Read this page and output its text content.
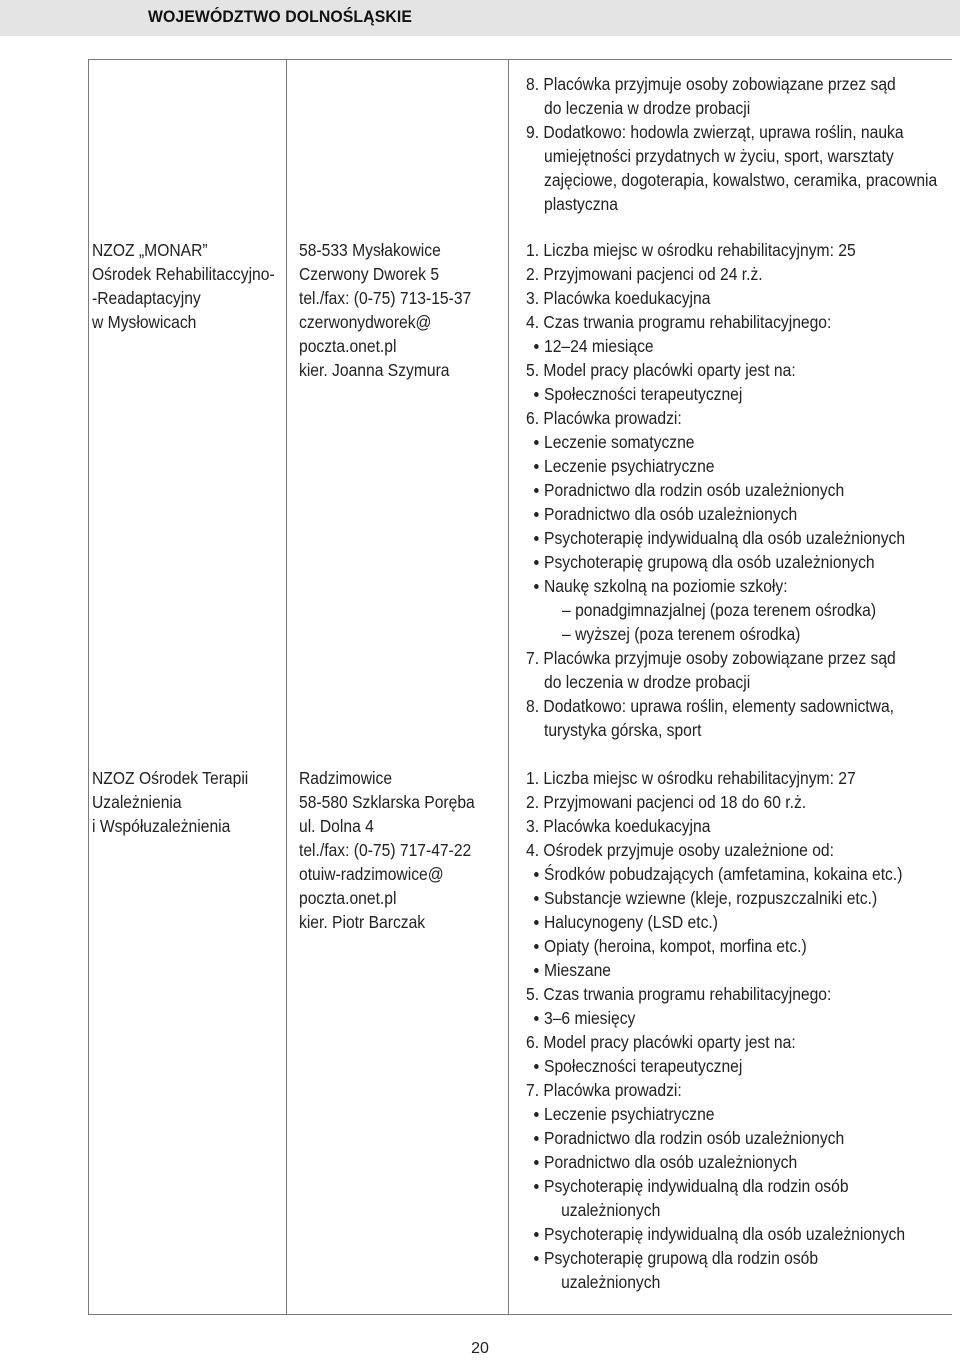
WOJEWÓDZTWO DOLNOŚLĄSKIE
8. Placówka przyjmuje osoby zobowiązane przez sąd
do leczenia w drodze probacji
9. Dodatkowo: hodowla zwierząt, uprawa roślin, nauka
umiejętności przydatnych w życiu, sport, warsztaty
zajęciowe, dogoterapia, kowalstwo, ceramika, pracownia
plastyczna
NZOZ „MONAR”
Ośrodek Rehabilitaccyjno-
-Readaptacyjny
w Mysłowicach
58-533 Mysłakowice
Czerwony Dworek 5
tel./fax: (0-75) 713-15-37
czerwonydworek@
poczta.onet.pl
kier. Joanna Szymura
1. Liczba miejsc w ośrodku rehabilitacyjnym: 25
2. Przyjmowani pacjenci od 24 r.ż.
3. Placówka koedukacyjna
4. Czas trwania programu rehabilitacyjnego:
12–24 miesiące
5. Model pracy placówki oparty jest na:
Społeczności terapeutycznej
6. Placówka prowadzi:
Leczenie somatyczne
Leczenie psychiatryczne
Poradnictwo dla rodzin osób uzależnionych
Poradnictwo dla osób uzależnionych
Psychoterapię indywidualną dla osób uzależnionych
Psychoterapię grupową dla osób uzależnionych
Naukę szkolną na poziomie szkoły:
– ponadgimnazjalnej (poza terenem ośrodka)
– wyższej (poza terenem ośrodka)
7. Placówka przyjmuje osoby zobowiązane przez sąd
do leczenia w drodze probacji
8. Dodatkowo: uprawa roślin, elementy sadownictwa,
turystyka górska, sport
NZOZ Ośrodek Terapii
Uzależnienia
i Współuzależnienia
Radzimowice
58-580 Szklarska Poręba
ul. Dolna 4
tel./fax: (0-75) 717-47-22
otuiw-radzimowice@
poczta.onet.pl
kier. Piotr Barczak
1. Liczba miejsc w ośrodku rehabilitacyjnym: 27
2. Przyjmowani pacjenci od 18 do 60 r.ż.
3. Placówka koedukacyjna
4. Ośrodek przyjmuje osoby uzależnione od:
Środków pobudzających (amfetamina, kokaina etc.)
Substancje wziewne (kleje, rozpuszczalniki etc.)
Halucynogeny (LSD etc.)
Opiaty (heroina, kompot, morfina etc.)
Mieszane
5. Czas trwania programu rehabilitacyjnego:
3–6 miesięcy
6. Model pracy placówki oparty jest na:
Społeczności terapeutycznej
7. Placówka prowadzi:
Leczenie psychiatryczne
Poradnictwo dla rodzin osób uzależnionych
Poradnictwo dla osób uzależnionych
Psychoterapię indywidualną dla rodzin osób
uzależnionych
Psychoterapię indywidualną dla osób uzależnionych
Psychoterapię grupową dla rodzin osób
uzależnionych
20
